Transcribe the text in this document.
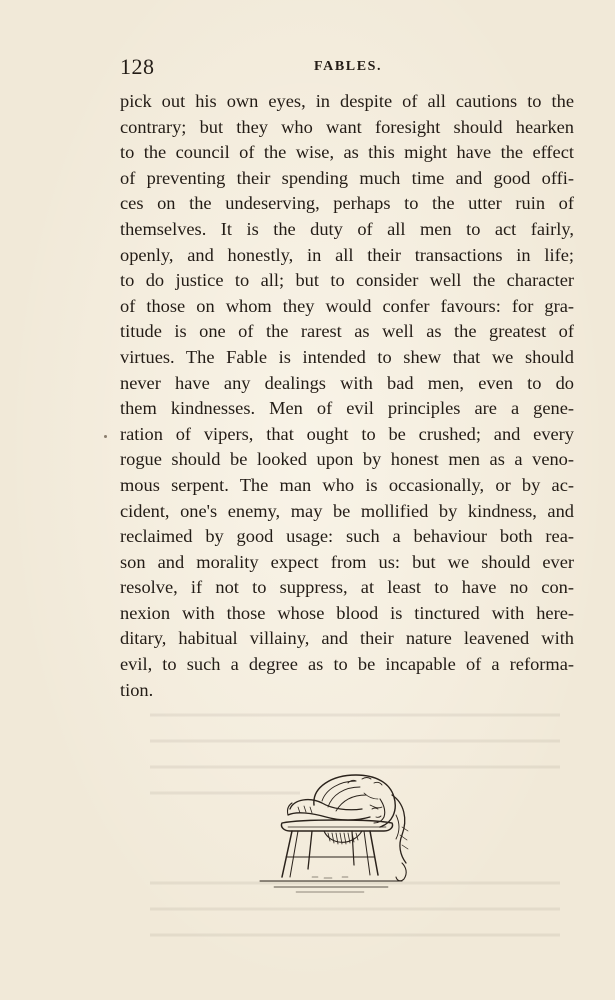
128	FABLES.
pick out his own eyes, in despite of all cautions to the
contrary; but they who want foresight should hearken
to the council of the wise, as this might have the effect
of preventing their spending much time and good offi-
ces on the undeserving, perhaps to the utter ruin of
themselves. It is the duty of all men to act fairly,
openly, and honestly, in all their transactions in life;
to do justice to all; but to consider well the character
of those on whom they would confer favours: for gra-
titude is one of the rarest as well as the greatest of
virtues. The Fable is intended to shew that we should
never have any dealings with bad men, even to do
them kindnesses. Men of evil principles are a gene-
ration of vipers, that ought to be crushed; and every
rogue should be looked upon by honest men as a veno-
mous serpent. The man who is occasionally, or by ac-
cident, one's enemy, may be mollified by kindness, and
reclaimed by good usage: such a behaviour both rea-
son and morality expect from us: but we should ever
resolve, if not to suppress, at least to have no con-
nexion with those whose blood is tinctured with here-
ditary, habitual villainy, and their nature leavened with
evil, to such a degree as to be incapable of a reforma-
tion.
